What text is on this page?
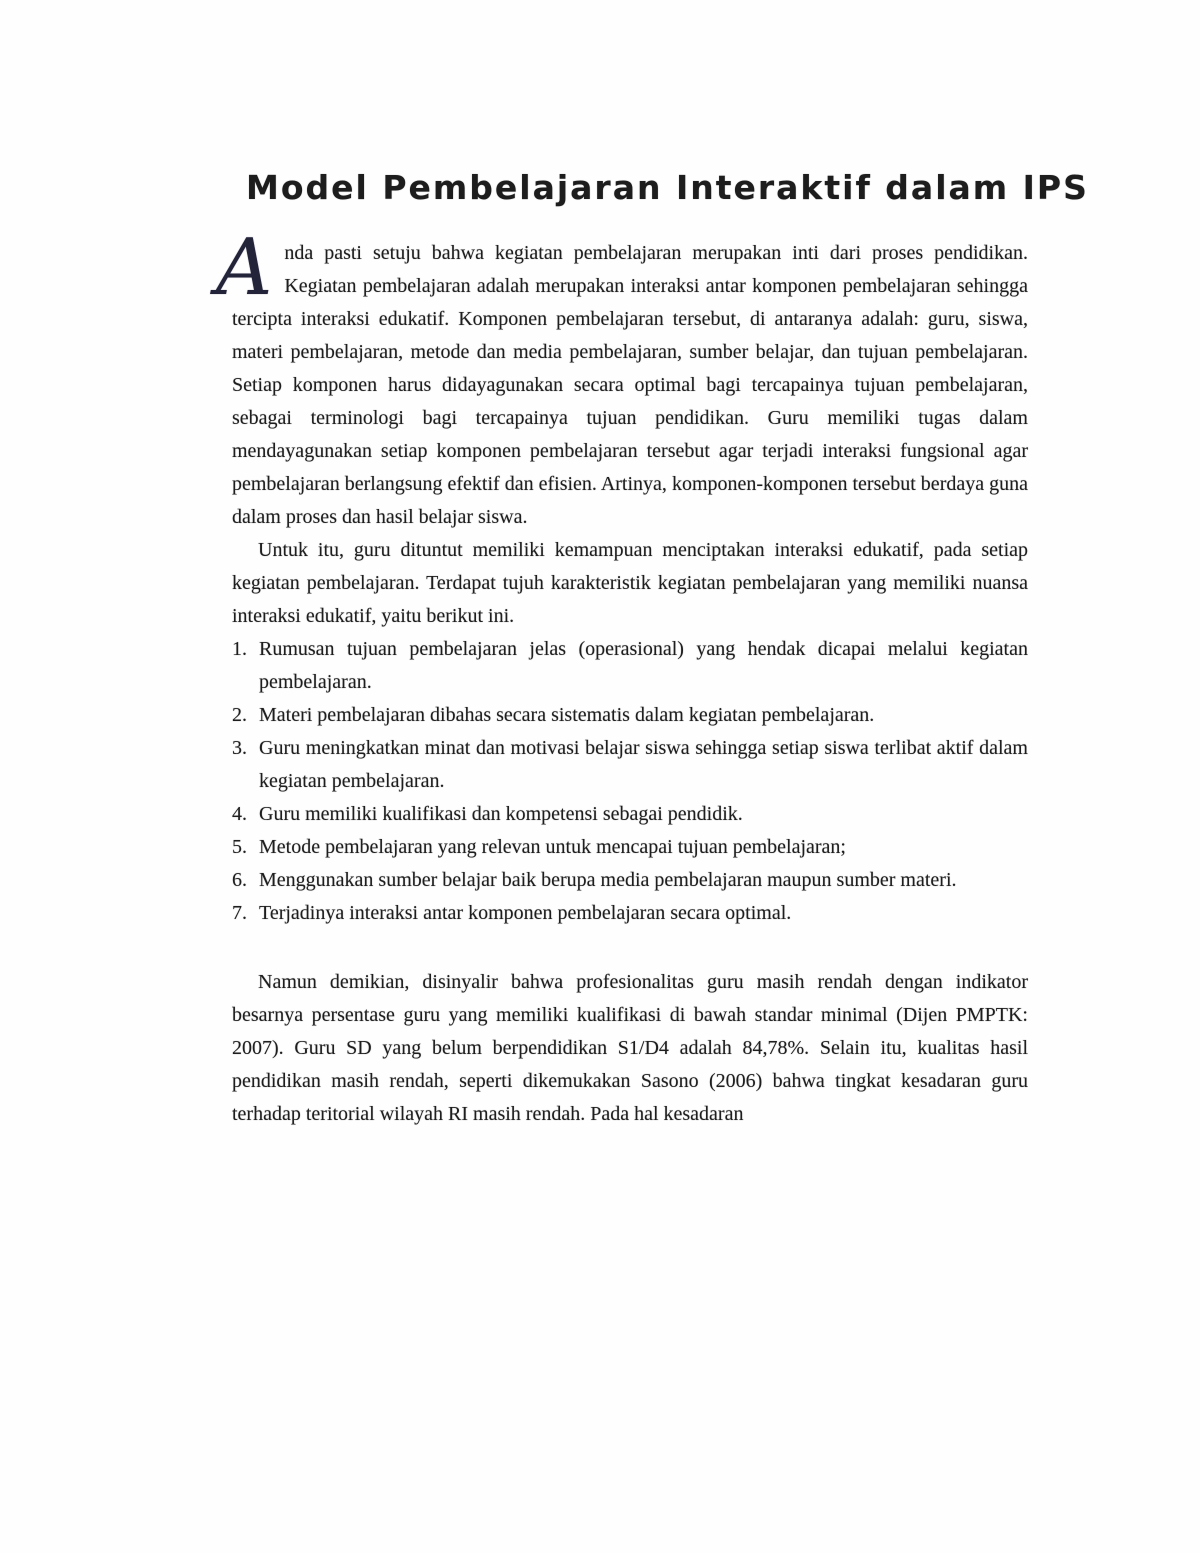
Model Pembelajaran Interaktif dalam IPS

Anda pasti setuju bahwa kegiatan pembelajaran merupakan inti dari proses pendidikan. Kegiatan pembelajaran adalah merupakan interaksi antar komponen pembelajaran sehingga tercipta interaksi edukatif. Komponen pembelajaran tersebut, di antaranya adalah: guru, siswa, materi pembelajaran, metode dan media pembelajaran, sumber belajar, dan tujuan pembelajaran. Setiap komponen harus didayagunakan secara optimal bagi tercapainya tujuan pembelajaran, sebagai terminologi bagi tercapainya tujuan pendidikan. Guru memiliki tugas dalam mendayagunakan setiap komponen pembelajaran tersebut agar terjadi interaksi fungsional agar pembelajaran berlangsung efektif dan efisien. Artinya, komponen-komponen tersebut berdaya guna dalam proses dan hasil belajar siswa.

Untuk itu, guru dituntut memiliki kemampuan menciptakan interaksi edukatif, pada setiap kegiatan pembelajaran. Terdapat tujuh karakteristik kegiatan pembelajaran yang memiliki nuansa interaksi edukatif, yaitu berikut ini.

1. Rumusan tujuan pembelajaran jelas (operasional) yang hendak dicapai melalui kegiatan pembelajaran.
2. Materi pembelajaran dibahas secara sistematis dalam kegiatan pembelajaran.
3. Guru meningkatkan minat dan motivasi belajar siswa sehingga setiap siswa terlibat aktif dalam kegiatan pembelajaran.
4. Guru memiliki kualifikasi dan kompetensi sebagai pendidik.
5. Metode pembelajaran yang relevan untuk mencapai tujuan pembelajaran;
6. Menggunakan sumber belajar baik berupa media pembelajaran maupun sumber materi.
7. Terjadinya interaksi antar komponen pembelajaran secara optimal.

Namun demikian, disinyalir bahwa profesionalitas guru masih rendah dengan indikator besarnya persentase guru yang memiliki kualifikasi di bawah standar minimal (Dijen PMPTK: 2007). Guru SD yang belum berpendidikan S1/D4 adalah 84,78%. Selain itu, kualitas hasil pendidikan masih rendah, seperti dikemukakan Sasono (2006) bahwa tingkat kesadaran guru terhadap teritorial wilayah RI masih rendah. Pada hal kesadaran
